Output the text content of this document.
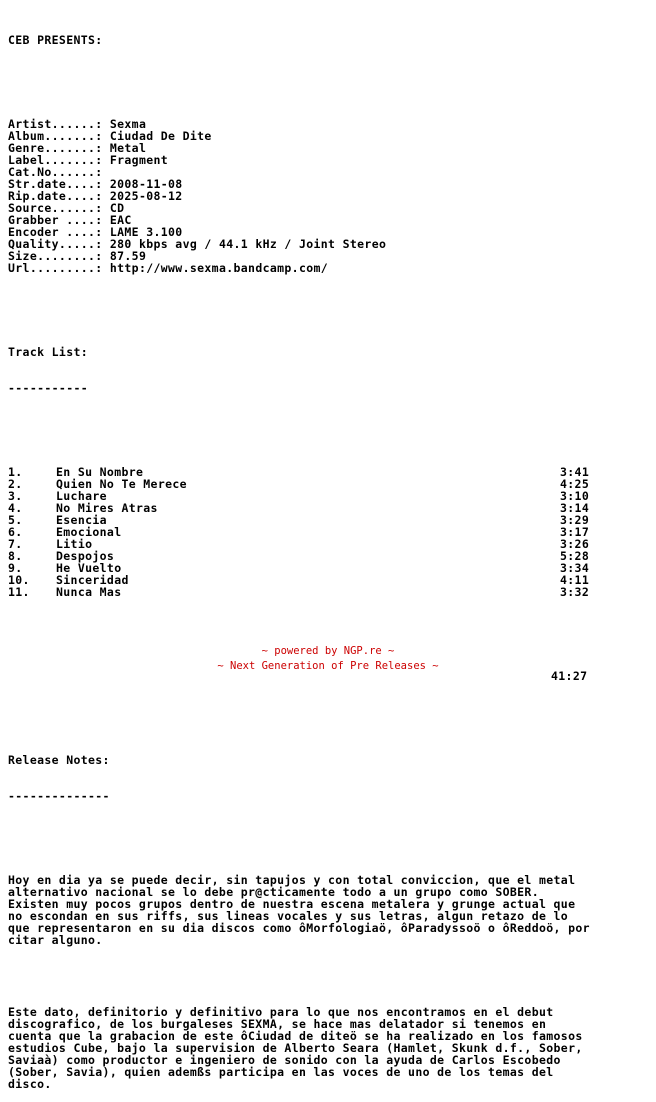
CEB PRESENTS:

Artist......: Sexma
Album.......: Ciudad De Dite
Genre.......: Metal
Label.......: Fragment
Cat.No......:
Str.date....: 2008-11-08
Rip.date....: 2025-08-12
Source......: CD
Grabber ....: EAC
Encoder ....: LAME 3.100
Quality.....: 280 kbps avg / 44.1 kHz / Joint Stereo
Size........: 87.59
Url.........: http://www.sexma.bandcamp.com/

Track List:

-----------

1.	En Su Nombre	3:41
2.	Quien No Te Merece	4:25
3.	Luchare	3:10
4.	No Mires Atras	3:14
5.	Esencia	3:29
6.	Emocional	3:17
7.	Litio	3:26
8.	Despojos	5:28
9.	He Vuelto	3:34
10. Sinceridad	4:11
11. Nunca Mas	3:32

41:27

Release Notes:

--------------

Hoy en dia ya se puede decir, sin tapujos y con total conviccion, que el metal
alternativo nacional se lo debe pr@cticamente todo a un grupo como SOBER.
Existen muy pocos grupos dentro de nuestra escena metalera y grunge actual que
no escondan en sus riffs, sus lineas vocales y sus letras, algun retazo de lo
que representaron en su dia discos como ôMorfologiaö, ôParadyssoö o ôReddoö, por
citar alguno.

Este dato, definitorio y definitivo para lo que nos encontramos en el debut
discografico, de los burgaleses SEXMA, se hace mas delatador si tenemos en
cuenta que la grabacion de este ôCiudad de diteö se ha realizado en los famosos
estudios Cube, bajo la supervision de Alberto Seara (Hamlet, Skunk d.f., Sober,
Saviaà) como productor e ingeniero de sonido con la ayuda de Carlos Escobedo
(Sober, Savia), quien ademßs participa en las voces de uno de los temas del
disco.

~ powered by NGP.re ~
~ Next Generation of Pre Releases ~
